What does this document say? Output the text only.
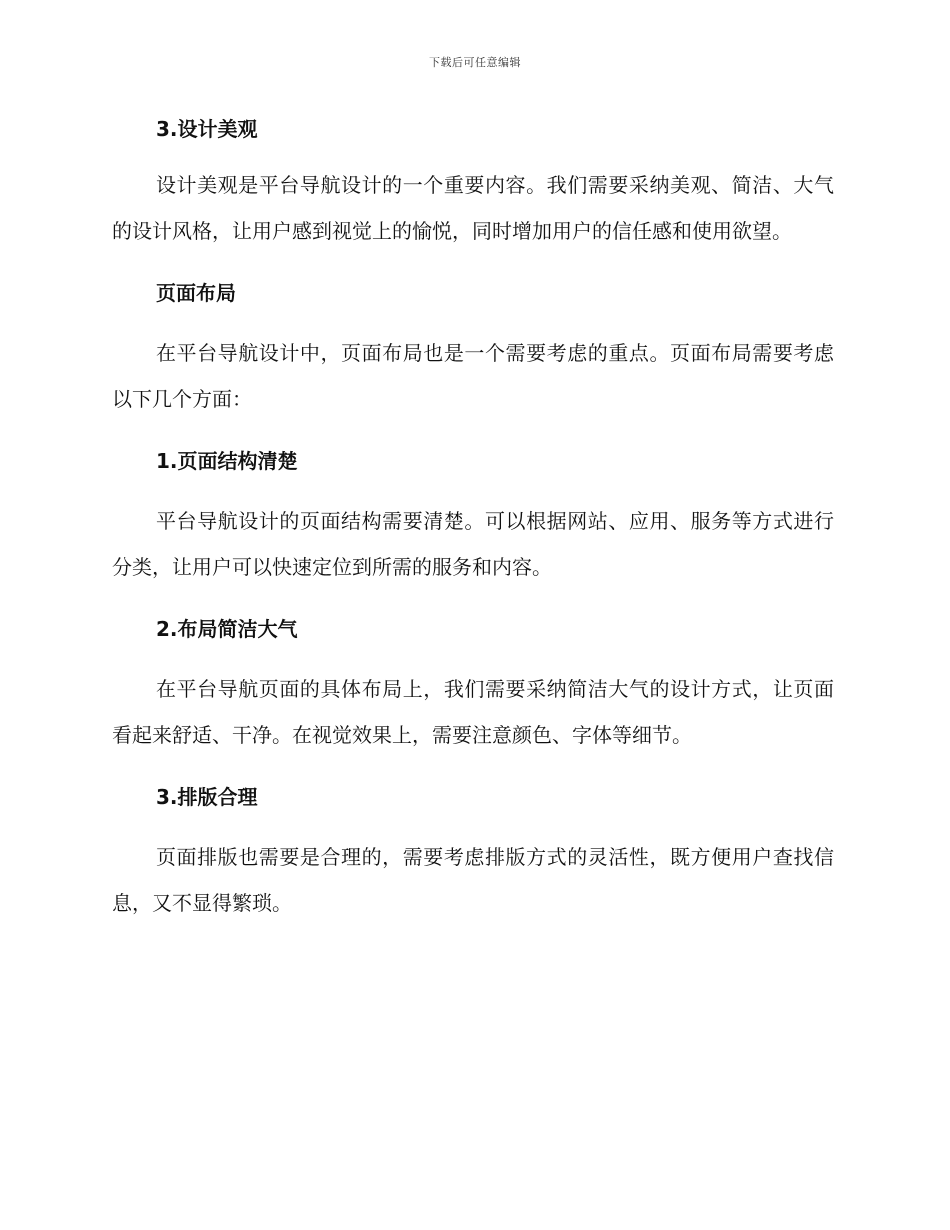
下载后可任意编辑
3.设计美观

设计美观是平台导航设计的一个重要内容。我们需要采纳美观、简洁、大气的设计风格，让用户感到视觉上的愉悦，同时增加用户的信任感和使用欲望。

页面布局

在平台导航设计中，页面布局也是一个需要考虑的重点。页面布局需要考虑以下几个方面：

1.页面结构清楚

平台导航设计的页面结构需要清楚。可以根据网站、应用、服务等方式进行分类，让用户可以快速定位到所需的服务和内容。

2.布局简洁大气

在平台导航页面的具体布局上，我们需要采纳简洁大气的设计方式，让页面看起来舒适、干净。在视觉效果上，需要注意颜色、字体等细节。

3.排版合理

页面排版也需要是合理的，需要考虑排版方式的灵活性，既方便用户查找信息，又不显得繁琐。
